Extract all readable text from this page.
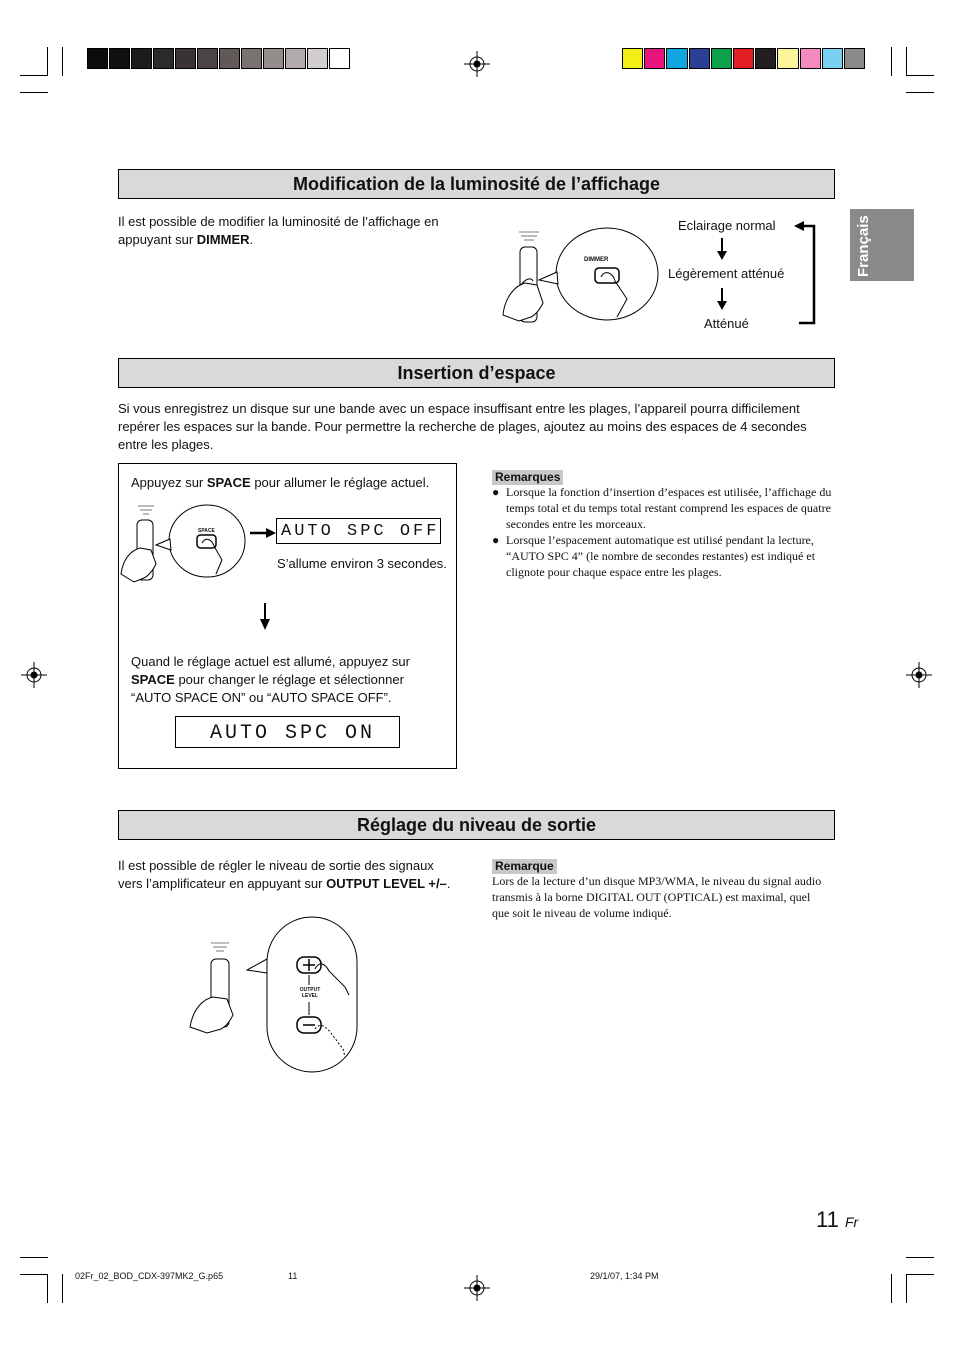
Français
Modification de la luminosité de l’affichage
Il est possible de modifier la luminosité de l’affichage en appuyant sur DIMMER.
DIMMER
Eclairage normal
Légèrement atténué
Atténué
Insertion d’espace
Si vous enregistrez un disque sur une bande avec un espace insuffisant entre les plages, l’appareil pourra difficilement repérer les espaces sur la bande. Pour permettre la recherche de plages, ajoutez au moins des espaces de 4 secondes entre les plages.
Appuyez sur SPACE pour allumer le réglage actuel.
SPACE	AUTO SPC OFF
S’allume environ 3 secondes.
Quand le réglage actuel est allumé, appuyez sur SPACE pour changer le réglage et sélectionner “AUTO SPACE ON” ou “AUTO SPACE OFF”.
AUTO SPC ON
Remarques
● Lorsque la fonction d’insertion d’espaces est utilisée, l’affichage du temps total et du temps total restant comprend les espaces de quatre secondes entre les morceaux.
● Lorsque l’espacement automatique est utilisé pendant la lecture, “AUTO SPC 4” (le nombre de secondes restantes) est indiqué et clignote pour chaque espace entre les plages.
Réglage du niveau de sortie
Il est possible de régler le niveau de sortie des signaux vers l’amplificateur en appuyant sur OUTPUT LEVEL +/–.
Remarque
Lors de la lecture d’un disque MP3/WMA, le niveau du signal audio transmis à la borne DIGITAL OUT (OPTICAL) est maximal, quel que soit le niveau de volume indiqué.
OUTPUT
LEVEL
11 Fr
02Fr_02_BOD_CDX-397MK2_G.p65	11	29/1/07, 1:34 PM
